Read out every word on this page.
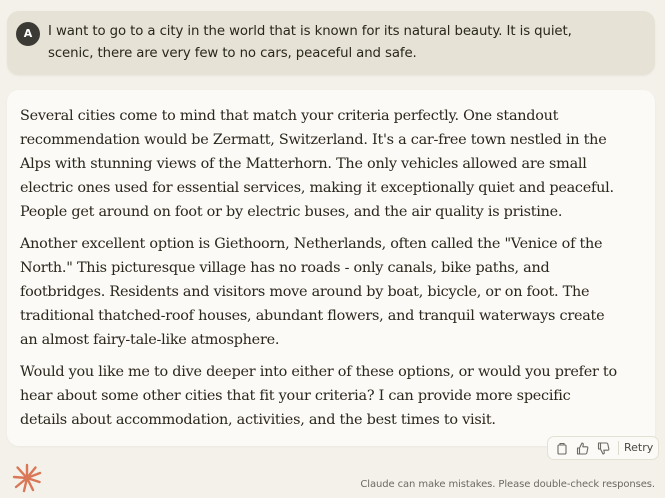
A	I want to go to a city in the world that is known for its natural beauty. It is quiet, scenic, there are very few to no cars, peaceful and safe.

Several cities come to mind that match your criteria perfectly. One standout recommendation would be Zermatt, Switzerland. It's a car-free town nestled in the Alps with stunning views of the Matterhorn. The only vehicles allowed are small electric ones used for essential services, making it exceptionally quiet and peaceful. People get around on foot or by electric buses, and the air quality is pristine.

Another excellent option is Giethoorn, Netherlands, often called the "Venice of the North." This picturesque village has no roads - only canals, bike paths, and footbridges. Residents and visitors move around by boat, bicycle, or on foot. The traditional thatched-roof houses, abundant flowers, and tranquil waterways create an almost fairy-tale-like atmosphere.

Would you like me to dive deeper into either of these options, or would you prefer to hear about some other cities that fit your criteria? I can provide more specific details about accommodation, activities, and the best times to visit.

Retry
Claude can make mistakes. Please double-check responses.
